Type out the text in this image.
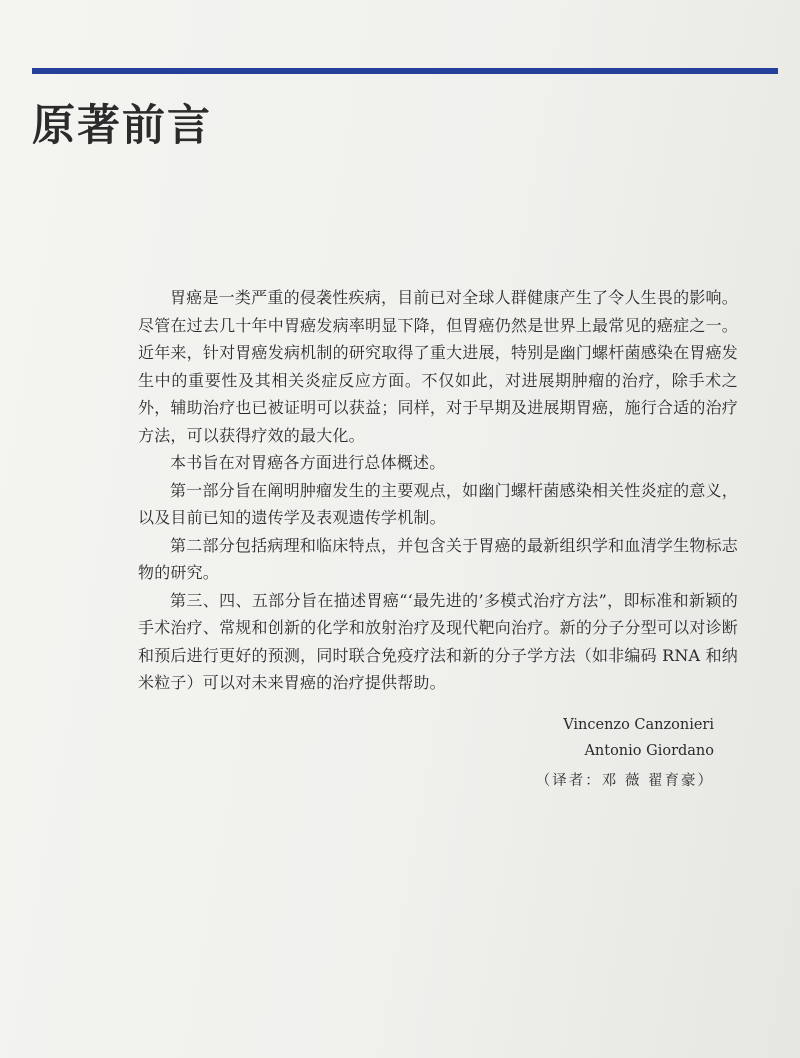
原著前言

胃癌是一类严重的侵袭性疾病，目前已对全球人群健康产生了令人生畏的影响。尽管在过去几十年中胃癌发病率明显下降，但胃癌仍然是世界上最常见的癌症之一。近年来，针对胃癌发病机制的研究取得了重大进展，特别是幽门螺杆菌感染在胃癌发生中的重要性及其相关炎症反应方面。不仅如此，对进展期肿瘤的治疗，除手术之外，辅助治疗也已被证明可以获益；同样，对于早期及进展期胃癌，施行合适的治疗方法，可以获得疗效的最大化。

本书旨在对胃癌各方面进行总体概述。

第一部分旨在阐明肿瘤发生的主要观点，如幽门螺杆菌感染相关性炎症的意义，以及目前已知的遗传学及表观遗传学机制。

第二部分包括病理和临床特点，并包含关于胃癌的最新组织学和血清学生物标志物的研究。

第三、四、五部分旨在描述胃癌“‘最先进的’多模式治疗方法”，即标准和新颖的手术治疗、常规和创新的化学和放射治疗及现代靶向治疗。新的分子分型可以对诊断和预后进行更好的预测，同时联合免疫疗法和新的分子学方法（如非编码 RNA 和纳米粒子）可以对未来胃癌的治疗提供帮助。

Vincenzo Canzonieri
Antonio Giordano
（译者：邓 薇 翟育豪）
